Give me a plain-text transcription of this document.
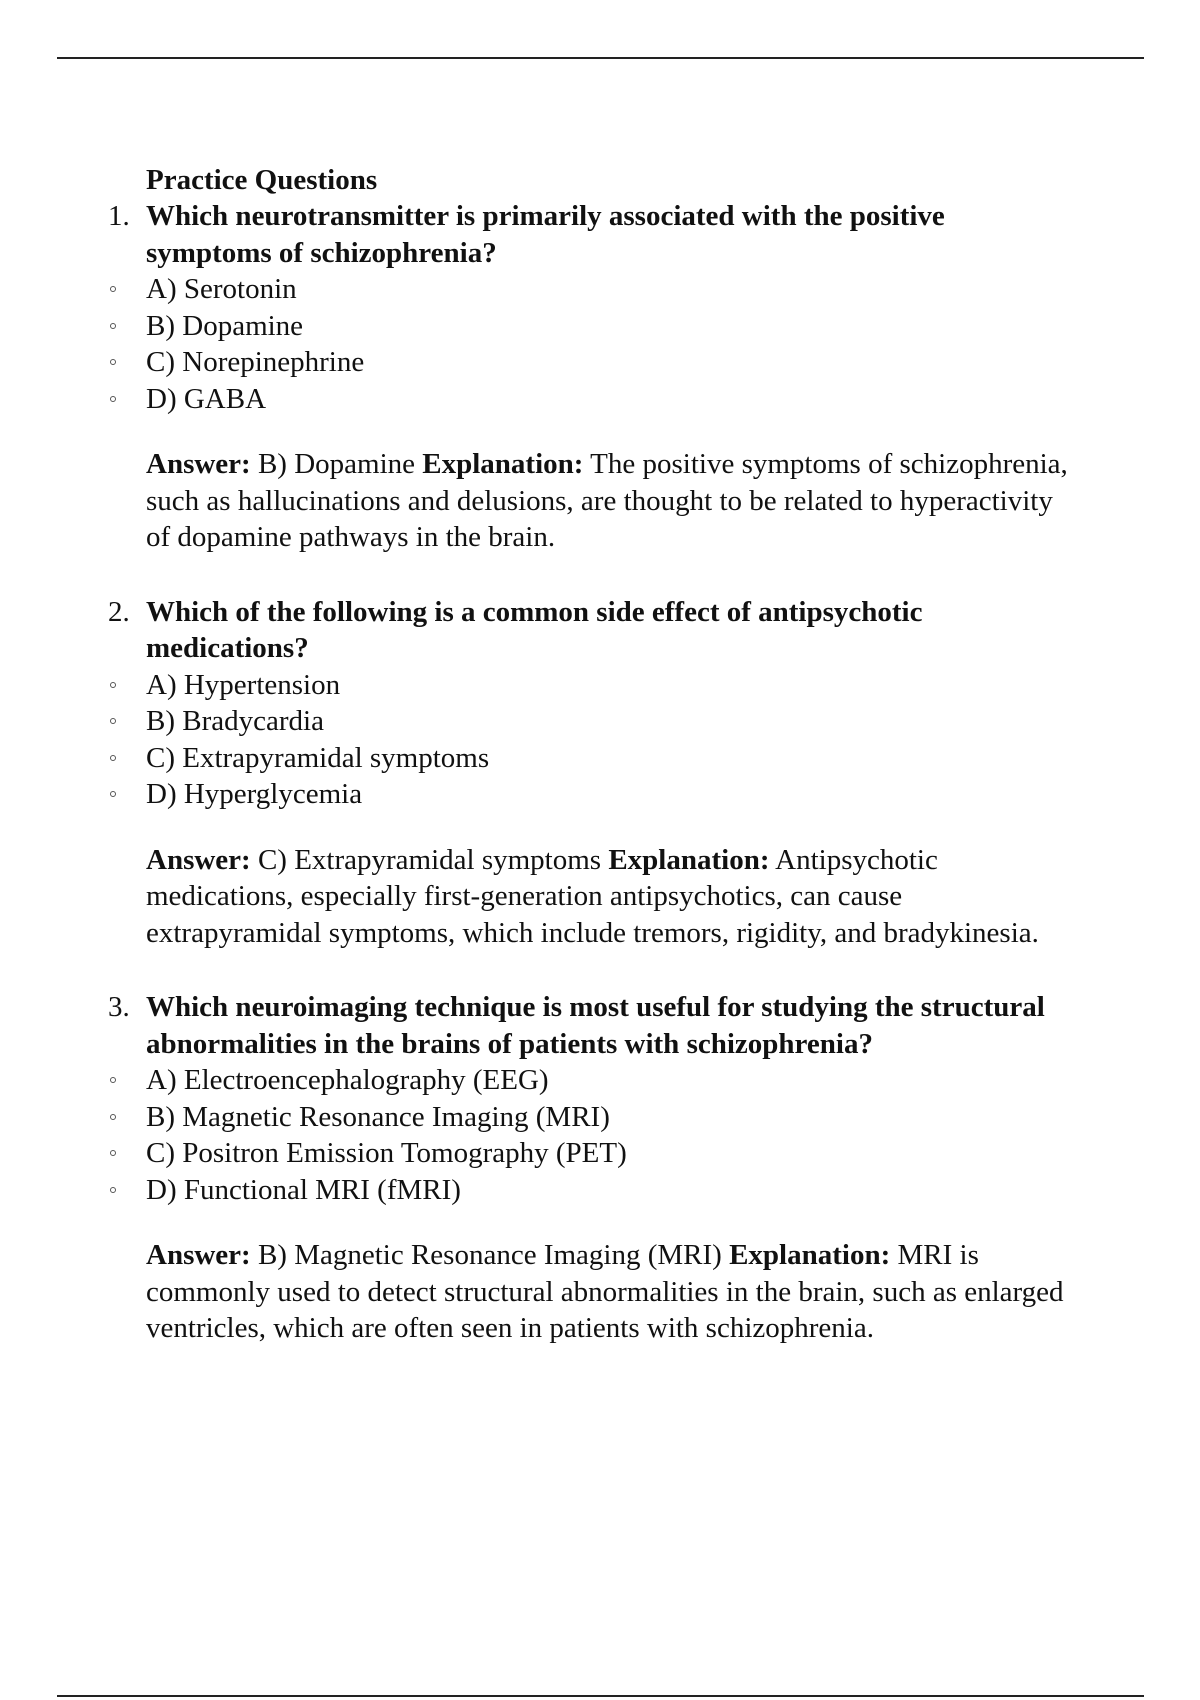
Practice Questions
1. Which neurotransmitter is primarily associated with the positive symptoms of schizophrenia?
A) Serotonin
B) Dopamine
C) Norepinephrine
D) GABA
Answer: B) Dopamine Explanation: The positive symptoms of schizophrenia, such as hallucinations and delusions, are thought to be related to hyperactivity of dopamine pathways in the brain.
2. Which of the following is a common side effect of antipsychotic medications?
A) Hypertension
B) Bradycardia
C) Extrapyramidal symptoms
D) Hyperglycemia
Answer: C) Extrapyramidal symptoms Explanation: Antipsychotic medications, especially first-generation antipsychotics, can cause extrapyramidal symptoms, which include tremors, rigidity, and bradykinesia.
3. Which neuroimaging technique is most useful for studying the structural abnormalities in the brains of patients with schizophrenia?
A) Electroencephalography (EEG)
B) Magnetic Resonance Imaging (MRI)
C) Positron Emission Tomography (PET)
D) Functional MRI (fMRI)
Answer: B) Magnetic Resonance Imaging (MRI) Explanation: MRI is commonly used to detect structural abnormalities in the brain, such as enlarged ventricles, which are often seen in patients with schizophrenia.
